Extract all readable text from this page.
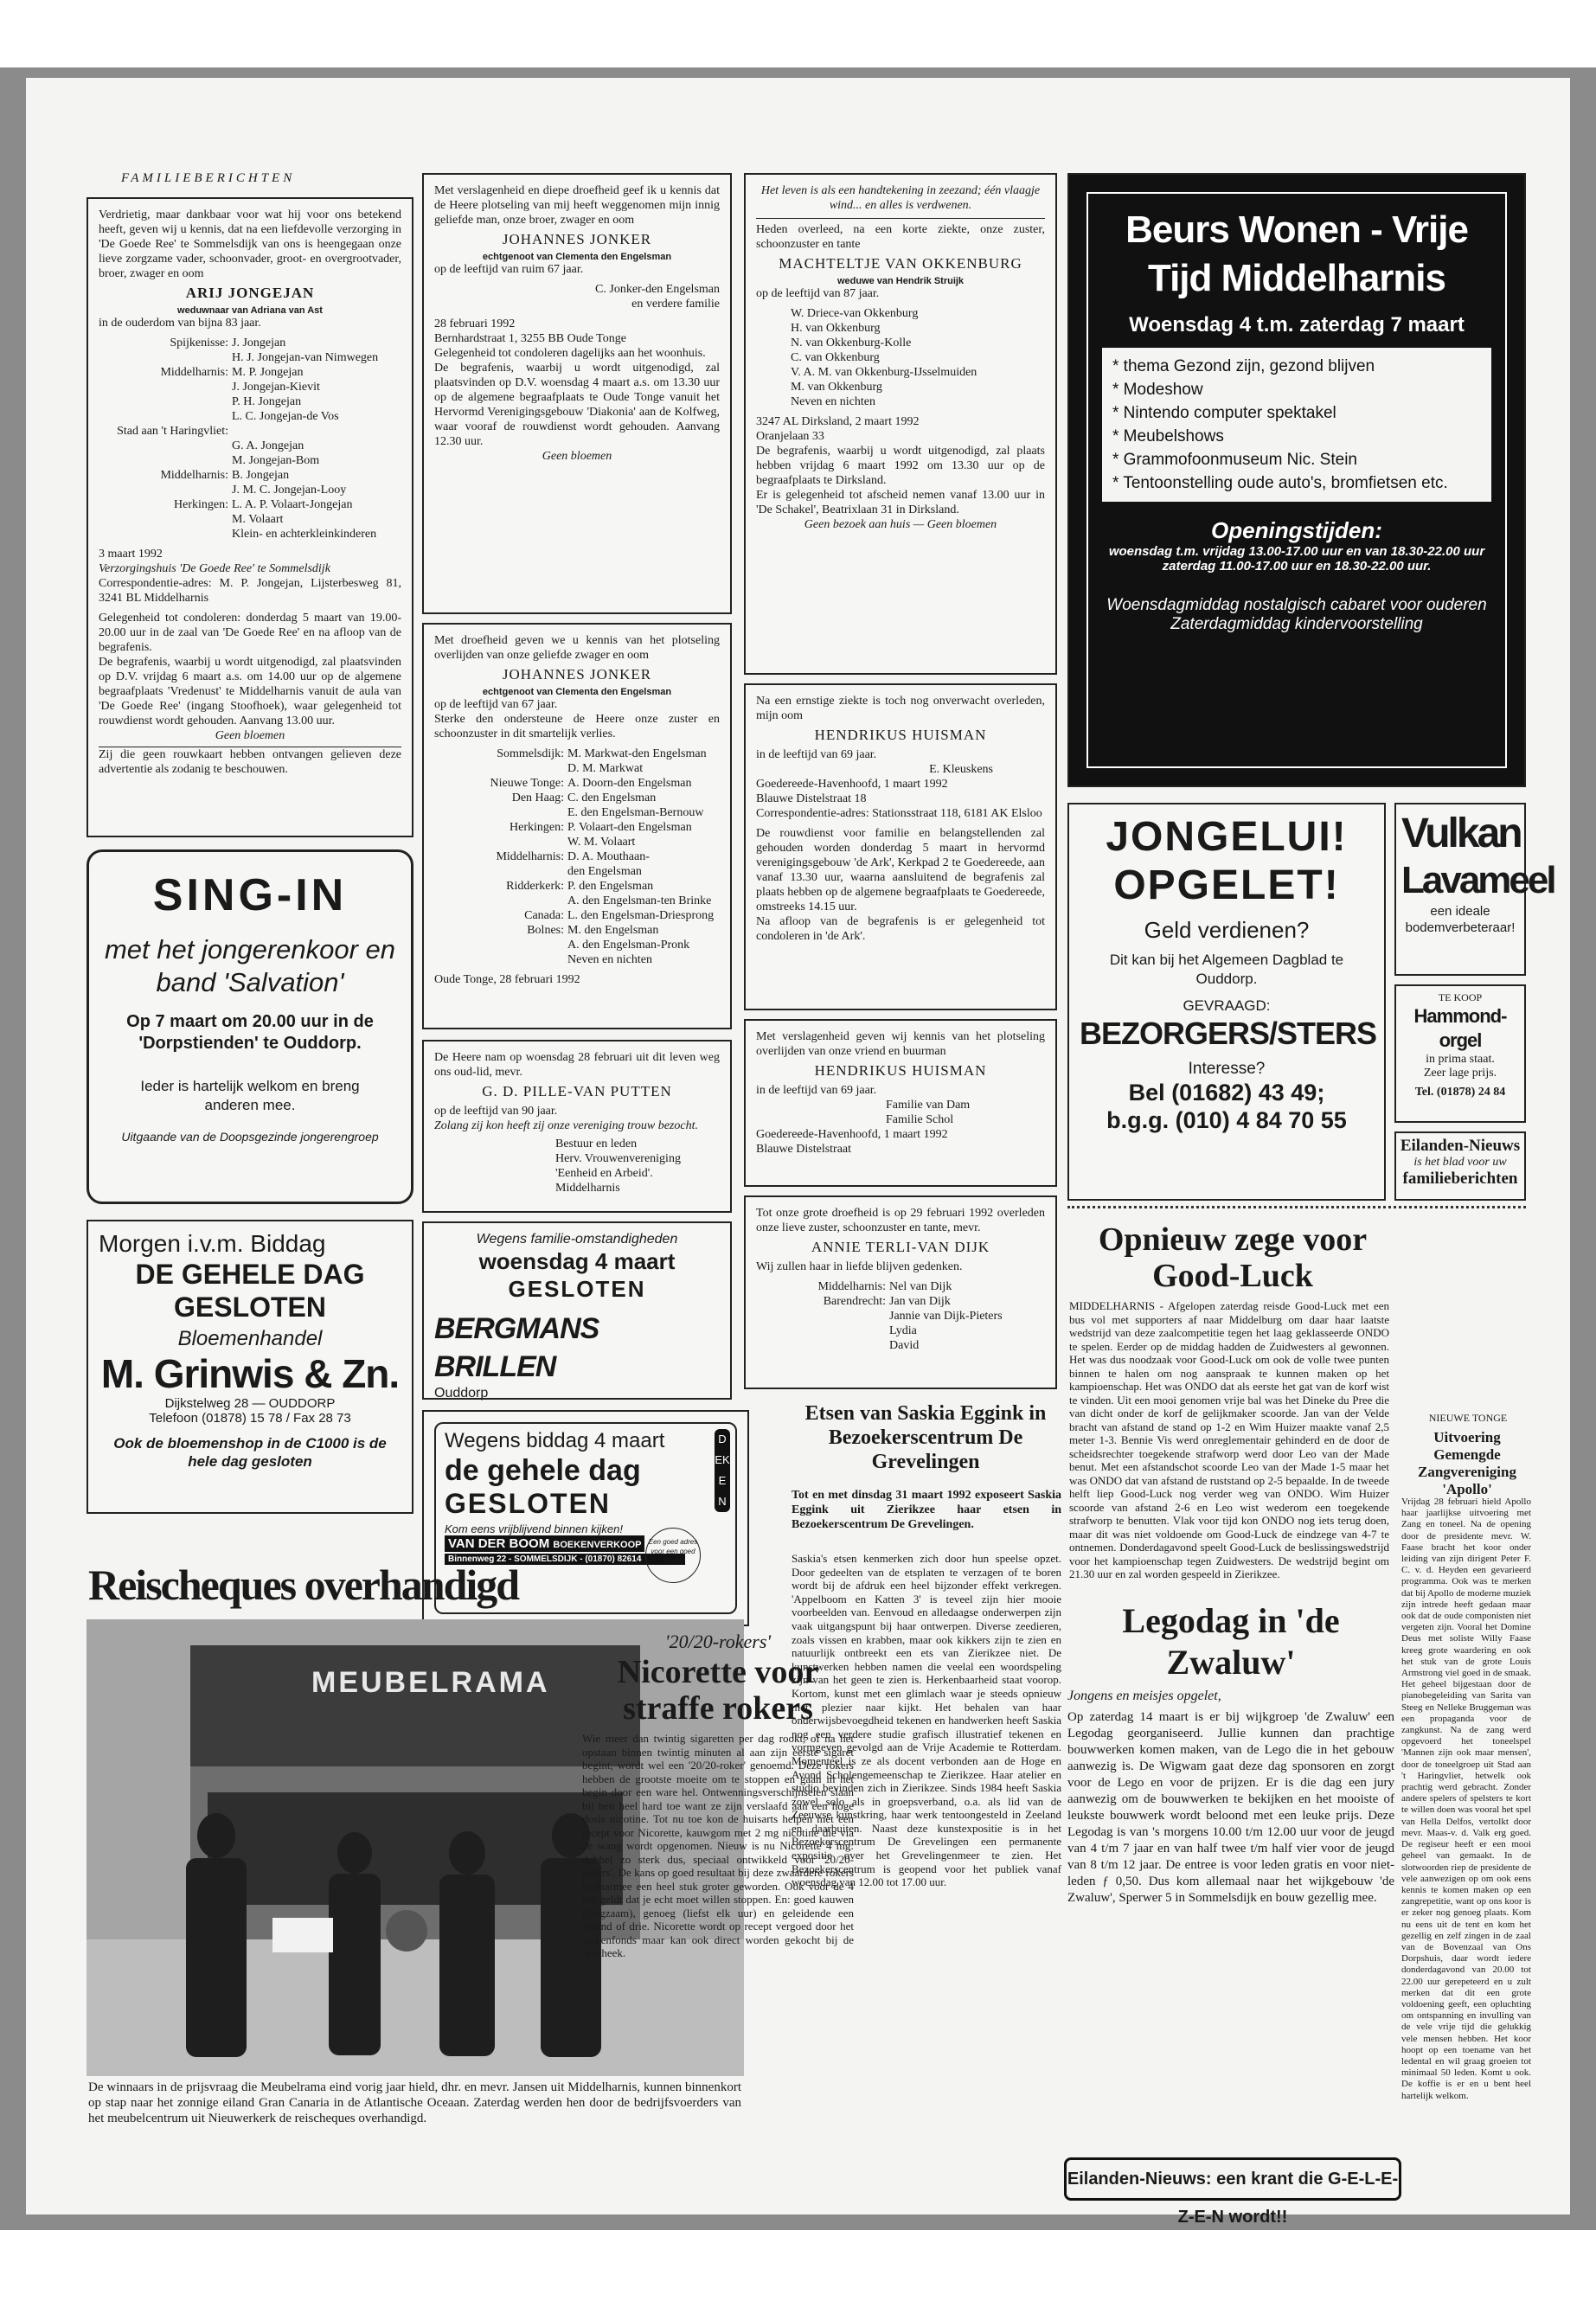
FAMILIEBERICHTEN

Verdrietig, maar dankbaar voor wat hij voor ons betekend heeft, geven wij u kennis, dat na een liefdevolle verzorging in 'De Goede Ree' te Sommelsdijk van ons is heengegaan onze lieve zorgzame vader, schoonvader, groot- en overgrootvader, broer, zwager en oom

ARIJ JONGEJAN
weduwnaar van Adriana van Ast

in de ouderdom van bijna 83 jaar.

Spijkenisse: J. Jongejan
H. J. Jongejan-van Nimwegen
Middelharnis: M. P. Jongejan
J. Jongejan-Kievit
P. H. Jongejan
L. C. Jongejan-de Vos
Stad aan 't Haringvliet:
G. A. Jongejan
M. Jongejan-Bom
Middelharnis: B. Jongejan
J. M. C. Jongejan-Looy
Herkingen: L. A. P. Volaart-Jongejan
M. Volaart
Klein- en achterkleinkinderen

3 maart 1992

Verzorgingshuis 'De Goede Ree' te Sommelsdijk

Correspondentie-adres: M. P. Jongejan, Lijsterbesweg 81, 3241 BL Middelharnis

Gelegenheid tot condoleren: donderdag 5 maart van 19.00-20.00 uur in de zaal van 'De Goede Ree' en na afloop van de begrafenis.

De begrafenis, waarbij u wordt uitgenodigd, zal plaatsvinden op D.V. vrijdag 6 maart a.s. om 14.00 uur op de algemene begraafplaats 'Vredenust' te Middelharnis vanuit de aula van 'De Goede Ree' (ingang Stoofhoek), waar gelegenheid tot rouwdienst wordt gehouden. Aanvang 13.00 uur.

Geen bloemen

Zij die geen rouwkaart hebben ontvangen gelieven deze advertentie als zodanig te beschouwen.

SING-IN
met het jongerenkoor en band 'Salvation'
Op 7 maart om 20.00 uur in de 'Dorpstienden' te Ouddorp.
Ieder is hartelijk welkom en breng anderen mee.
Uitgaande van de Doopsgezinde jongerengroep
Morgen i.v.m. Biddag
DE GEHELE DAG
GESLOTEN
Bloemenhandel
M. Grinwis & Zn.
Dijkstelweg 28 — OUDDORP
Telefoon (01878) 15 78 / Fax 28 73
Ook de bloemenshop in de C1000 is de hele dag gesloten

Met verslagenheid en diepe droefheid geef ik u kennis dat de Heere plotseling van mij heeft weggenomen mijn innig geliefde man, onze broer, zwager en oom

JOHANNES JONKER
echtgenoot van Clementa den Engelsman

op de leeftijd van ruim 67 jaar.

C. Jonker-den Engelsman

en verdere familie

28 februari 1992

Bernhardstraat 1, 3255 BB Oude Tonge

Gelegenheid tot condoleren dagelijks aan het woonhuis.

De begrafenis, waarbij u wordt uitgenodigd, zal plaatsvinden op D.V. woensdag 4 maart a.s. om 13.30 uur op de algemene begraafplaats te Oude Tonge vanuit het Hervormd Verenigingsgebouw 'Diakonia' aan de Kolfweg, waar vooraf de rouwdienst wordt gehouden. Aanvang 12.30 uur.

Geen bloemen

Met droefheid geven we u kennis van het plotseling overlijden van onze geliefde zwager en oom

JOHANNES JONKER
echtgenoot van Clementa den Engelsman

op de leeftijd van 67 jaar.

Sterke den ondersteune de Heere onze zuster en schoonzuster in dit smartelijk verlies.

Sommelsdijk: M. Markwat-den Engelsman
D. M. Markwat
Nieuwe Tonge: A. Doorn-den Engelsman
Den Haag: C. den Engelsman
E. den Engelsman-Bernouw
Herkingen: P. Volaart-den Engelsman
W. M. Volaart
Middelharnis: D. A. Mouthaan-
den Engelsman
Ridderkerk: P. den Engelsman
A. den Engelsman-ten Brinke
Canada: L. den Engelsman-Driesprong
Bolnes: M. den Engelsman
A. den Engelsman-Pronk
Neven en nichten

Oude Tonge, 28 februari 1992

De Heere nam op woensdag 28 februari uit dit leven weg ons oud-lid, mevr.

G. D. PILLE-VAN PUTTEN

op de leeftijd van 90 jaar.

Zolang zij kon heeft zij onze vereniging trouw bezocht.

Bestuur en leden

Herv. Vrouwenvereniging

'Eenheid en Arbeid'.

Middelharnis

Wegens familie-omstandigheden
woensdag 4 maart
GESLOTEN
BERGMANS BRILLEN
Ouddorp
Wegens biddag 4 maart
de gehele dag
GESLOTEN
Kom eens vrijblijvend binnen kijken!
VAN DER BOOM BOEKENVERKOOP
Binnenweg 22 - SOMMELSDIJK - (01870) 82614
DEKEN
Een goed adres voor een goed boek!

Het leven is als een handtekening in zeezand; één vlaagje wind... en alles is verdwenen.

Heden overleed, na een korte ziekte, onze zuster, schoonzuster en tante

MACHTELTJE VAN OKKENBURG
weduwe van Hendrik Struijk

op de leeftijd van 87 jaar.

W. Driece-van Okkenburg

H. van Okkenburg

N. van Okkenburg-Kolle

C. van Okkenburg

V. A. M. van Okkenburg-IJsselmuiden

M. van Okkenburg

Neven en nichten

3247 AL Dirksland, 2 maart 1992

Oranjelaan 33

De begrafenis, waarbij u wordt uitgenodigd, zal plaats hebben vrijdag 6 maart 1992 om 13.30 uur op de begraafplaats te Dirksland.

Er is gelegenheid tot afscheid nemen vanaf 13.00 uur in 'De Schakel', Beatrixlaan 31 in Dirksland.

Geen bezoek aan huis — Geen bloemen

Na een ernstige ziekte is toch nog onverwacht overleden, mijn oom

HENDRIKUS HUISMAN

in de leeftijd van 69 jaar.

E. Kleuskens

Goedereede-Havenhoofd, 1 maart 1992

Blauwe Distelstraat 18

Correspondentie-adres: Stationsstraat 118, 6181 AK Elsloo

De rouwdienst voor familie en belangstellenden zal gehouden worden donderdag 5 maart in hervormd verenigingsgebouw 'de Ark', Kerkpad 2 te Goedereede, aan vanaf 13.30 uur, waarna aansluitend de begrafenis zal plaats hebben op de algemene begraafplaats te Goedereede, omstreeks 14.15 uur.

Na afloop van de begrafenis is er gelegenheid tot condoleren in 'de Ark'.

Met verslagenheid geven wij kennis van het plotseling overlijden van onze vriend en buurman

HENDRIKUS HUISMAN

in de leeftijd van 69 jaar.

Familie van Dam

Familie Schol

Goedereede-Havenhoofd, 1 maart 1992

Blauwe Distelstraat

Tot onze grote droefheid is op 29 februari 1992 overleden onze lieve zuster, schoonzuster en tante, mevr.

ANNIE TERLI-VAN DIJK

Wij zullen haar in liefde blijven gedenken.

Middelharnis: Nel van Dijk
Barendrecht: Jan van Dijk
Jannie van Dijk-Pieters
Lydia
David
Beurs Wonen - Vrije Tijd Middelharnis
Woensdag 4 t.m. zaterdag 7 maart
* thema Gezond zijn, gezond blijven
* Modeshow
* Nintendo computer spektakel
* Meubelshows
* Grammofoonmuseum Nic. Stein
* Tentoonstelling oude auto's, bromfietsen etc.
Openingstijden:
woensdag t.m. vrijdag 13.00-17.00 uur en van 18.30-22.00 uur
zaterdag 11.00-17.00 uur en 18.30-22.00 uur.
Woensdagmiddag nostalgisch cabaret voor ouderen
Zaterdagmiddag kindervoorstelling
JONGELUI!
OPGELET!
Geld verdienen?
Dit kan bij het Algemeen Dagblad te Ouddorp.
GEVRAAGD:
BEZORGERS/STERS
Interesse?
Bel (01682) 43 49;
b.g.g. (010) 4 84 70 55
Vulkan
Lavameel
een ideale bodemverbeteraar!
TE KOOP
Hammond-orgel
in prima staat.
Zeer lage prijs.
Tel. (01878) 24 84
Eilanden-Nieuws
is het blad voor uw
familieberichten
Reischeques overhandigd
MEUBELRAMA
De winnaars in de prijsvraag die Meubelrama eind vorig jaar hield, dhr. en mevr. Jansen uit Middelharnis, kunnen binnenkort op stap naar het zonnige eiland Gran Canaria in de Atlantische Oceaan. Zaterdag werden hen door de bedrijfsvoerders van het meubelcentrum uit Nieuwerkerk de reischeques overhandigd.
'20/20-rokers'
Nicorette voor straffe rokers
Wie meer dan twintig sigaretten per dag rookt, of na het opstaan binnen twintig minuten al aan zijn eerste sigaret begint, wordt wel een '20/20-roker' genoemd. Deze rokers hebben de grootste moeite om te stoppen en gaan in het begin door een ware hel. Ontwenningsverschijnselen slaan bij hen heel hard toe want ze zijn verslaafd aan een hoge dosis nicotine. Tot nu toe kon de huisarts helpen met een recept voor Nicorette, kauwgom met 2 mg nicotine die via de wang wordt opgenomen. Nieuw is nu Nicorette 4 mg: dubbel zo sterk dus, speciaal ontwikkeld voor '20/20-rokers'. De kans op goed resultaat bij deze zwaardere rokers is daarmee een heel stuk groter geworden. Ook voor de 4 mg geldt dat je echt moet willen stoppen. En: goed kauwen (langzaam), genoeg (liefst elk uur) en geleidende een maand of drie. Nicorette wordt op recept vergoed door het ziekenfonds maar kan ook direct worden gekocht bij de apotheek.
Etsen van Saskia Eggink in Bezoekerscentrum De Grevelingen
Tot en met dinsdag 31 maart 1992 exposeert Saskia Eggink uit Zierikzee haar etsen in Bezoekerscentrum De Grevelingen.
Saskia's etsen kenmerken zich door hun speelse opzet. Door gedeelten van de etsplaten te verzagen of te boren wordt bij de afdruk een heel bijzonder effekt verkregen. 'Appelboom en Katten 3' is teveel zijn hier mooie voorbeelden van. Eenvoud en alledaagse onderwerpen zijn vaak uitgangspunt bij haar ontwerpen. Diverse zeedieren, zoals vissen en krabben, maar ook kikkers zijn te zien en natuurlijk ontbreekt een ets van Zierikzee niet. De kunstwerken hebben namen die veelal een woordspeling zijn van het geen te zien is. Herkenbaarheid staat voorop. Kortom, kunst met een glimlach waar je steeds opnieuw met plezier naar kijkt. Het behalen van haar onderwijsbevoegdheid tekenen en handwerken heeft Saskia nog een verdere studie grafisch illustratief tekenen en vormgeven gevolgd aan de Vrije Academie te Rotterdam. Momenteel is ze als docent verbonden aan de Hoge en Avond Scholengemeenschap te Zierikzee. Haar atelier en studio bevinden zich in Zierikzee. Sinds 1984 heeft Saskia zowel solo als in groepsverband, o.a. als lid van de Zeeuwse kunstkring, haar werk tentoongesteld in Zeeland en daarbuiten. Naast deze kunstexpositie is in het Bezoekerscentrum De Grevelingen een permanente expositie over het Grevelingenmeer te zien. Het Bezoekerscentrum is geopend voor het publiek vanaf woensdag van 12.00 tot 17.00 uur.
Legodag in 'de Zwaluw'
Jongens en meisjes opgelet,
Op zaterdag 14 maart is er bij wijkgroep 'de Zwaluw' een Legodag georganiseerd. Jullie kunnen dan prachtige bouwwerken komen maken, van de Lego die in het gebouw aanwezig is. De Wigwam gaat deze dag sponsoren en zorgt voor de Lego en voor de prijzen. Er is die dag een jury aanwezig om de bouwwerken te bekijken en het mooiste of leukste bouwwerk wordt beloond met een leuke prijs. Deze Legodag is van 's morgens 10.00 t/m 12.00 uur voor de jeugd van 4 t/m 7 jaar en van half twee t/m half vier voor de jeugd van 8 t/m 12 jaar. De entree is voor leden gratis en voor niet-leden ƒ 0,50. Dus kom allemaal naar het wijkgebouw 'de Zwaluw', Sperwer 5 in Sommelsdijk en bouw gezellig mee.
Opnieuw zege voor Good-Luck
MIDDELHARNIS - Afgelopen zaterdag reisde Good-Luck met een bus vol met supporters af naar Middelburg om daar haar laatste wedstrijd van deze zaalcompetitie tegen het laag geklasseerde ONDO te spelen. Eerder op de middag hadden de Zuidwesters al gewonnen. Het was dus noodzaak voor Good-Luck om ook de volle twee punten binnen te halen om nog aanspraak te kunnen maken op het kampioenschap. Het was ONDO dat als eerste het gat van de korf wist te vinden. Uit een mooi genomen vrije bal was het Dineke du Pree die van dicht onder de korf de gelijkmaker scoorde. Jan van der Velde bracht van afstand de stand op 1-2 en Wim Huizer maakte vanaf 2,5 meter 1-3. Bennie Vis werd onreglementair gehinderd en de door de scheidsrechter toegekende strafworp werd door Leo van der Made benut. Met een afstandschot scoorde Leo van der Made 1-5 maar het was ONDO dat van afstand de ruststand op 2-5 bepaalde. In de tweede helft liep Good-Luck nog verder weg van ONDO. Wim Huizer scoorde van afstand 2-6 en Leo wist wederom een toegekende strafworp te benutten. Vlak voor tijd kon ONDO nog iets terug doen, maar dit was niet voldoende om Good-Luck de eindzege van 4-7 te ontnemen. Donderdagavond speelt Good-Luck de beslissingswedstrijd voor het kampioenschap tegen Zuidwesters. De wedstrijd begint om 21.30 uur en zal worden gespeeld in Zierikzee.
NIEUWE TONGE
Uitvoering Gemengde Zangvereniging 'Apollo'
Vrijdag 28 februari hield Apollo haar jaarlijkse uitvoering met Zang en toneel. Na de opening door de presidente mevr. W. Faase bracht het koor onder leiding van zijn dirigent Peter F. C. v. d. Heyden een gevarieerd programma. Ook was te merken dat bij Apollo de moderne muziek zijn intrede heeft gedaan maar ook dat de oude componisten niet vergeten zijn. Vooral het Domine Deus met soliste Willy Faase kreeg grote waardering en ook het stuk van de grote Louis Armstrong viel goed in de smaak. Het geheel bijgestaan door de pianobegeleiding van Sarita van Steeg en Nelleke Bruggeman was een propaganda voor de zangkunst. Na de zang werd opgevoerd het toneelspel 'Mannen zijn ook maar mensen', door de toneelgroep uit Stad aan 't Haringvliet, hetwelk ook prachtig werd gebracht. Zonder andere spelers of spelsters te kort te willen doen was vooral het spel van Hella Delfos, vertolkt door mevr. Maas-v. d. Valk erg goed. De regiseur heeft er een mooi geheel van gemaakt. In de slotwoorden riep de presidente de vele aanwezigen op om ook eens kennis te komen maken op een zangrepetitie, want op ons koor is er zeker nog genoeg plaats. Kom nu eens uit de tent en kom het gezellig en zelf zingen in de zaal van de Bovenzaal van Ons Dorpshuis, daar wordt iedere donderdagavond van 20.00 tot 22.00 uur gerepeteerd en u zult merken dat dit een grote voldoening geeft, een opluchting om ontspanning en invulling van de vele vrije tijd die gelukkig vele mensen hebben. Het koor hoopt op een toename van het ledental en wil graag groeien tot minimaal 50 leden. Komt u ook. De koffie is er en u bent heel hartelijk welkom.
Eilanden-Nieuws: een krant die G-E-L-E-Z-E-N wordt!!
